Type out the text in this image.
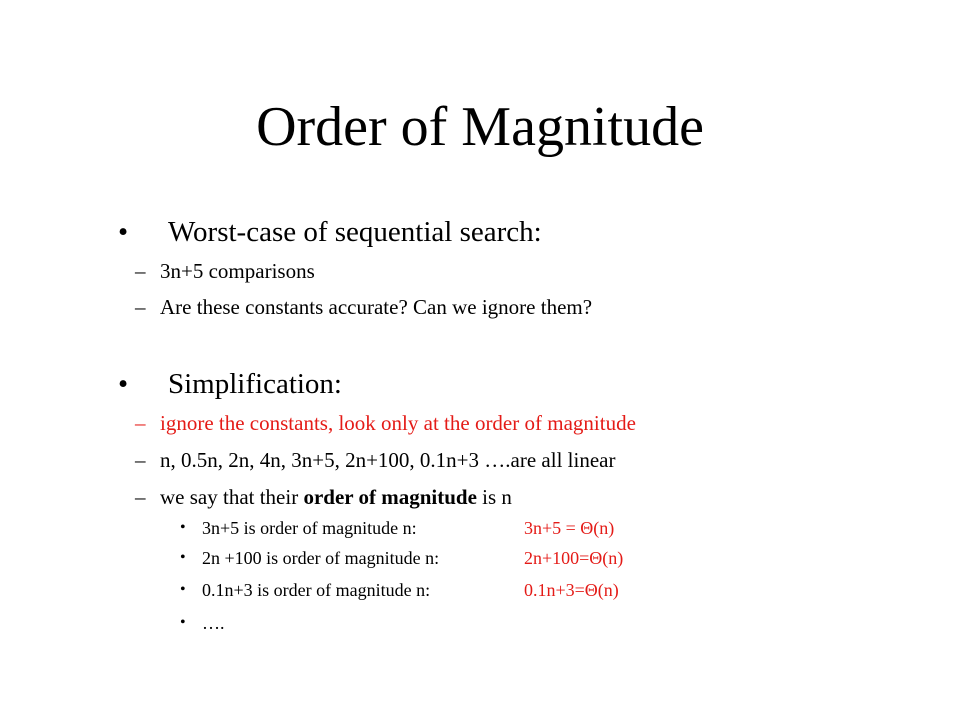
Order of Magnitude
• Worst-case of sequential search:
– 3n+5 comparisons
– Are these constants accurate? Can we ignore them?
• Simplification:
– ignore the constants, look only at the order of magnitude
– n, 0.5n, 2n, 4n, 3n+5, 2n+100, 0.1n+3 ….are all linear
– we say that their order of magnitude is n
• 3n+5 is order of magnitude n:	3n+5 = Θ(n)
• 2n +100 is order of magnitude n:	2n+100=Θ(n)
• 0.1n+3 is order of magnitude n:	0.1n+3=Θ(n)
• ….
